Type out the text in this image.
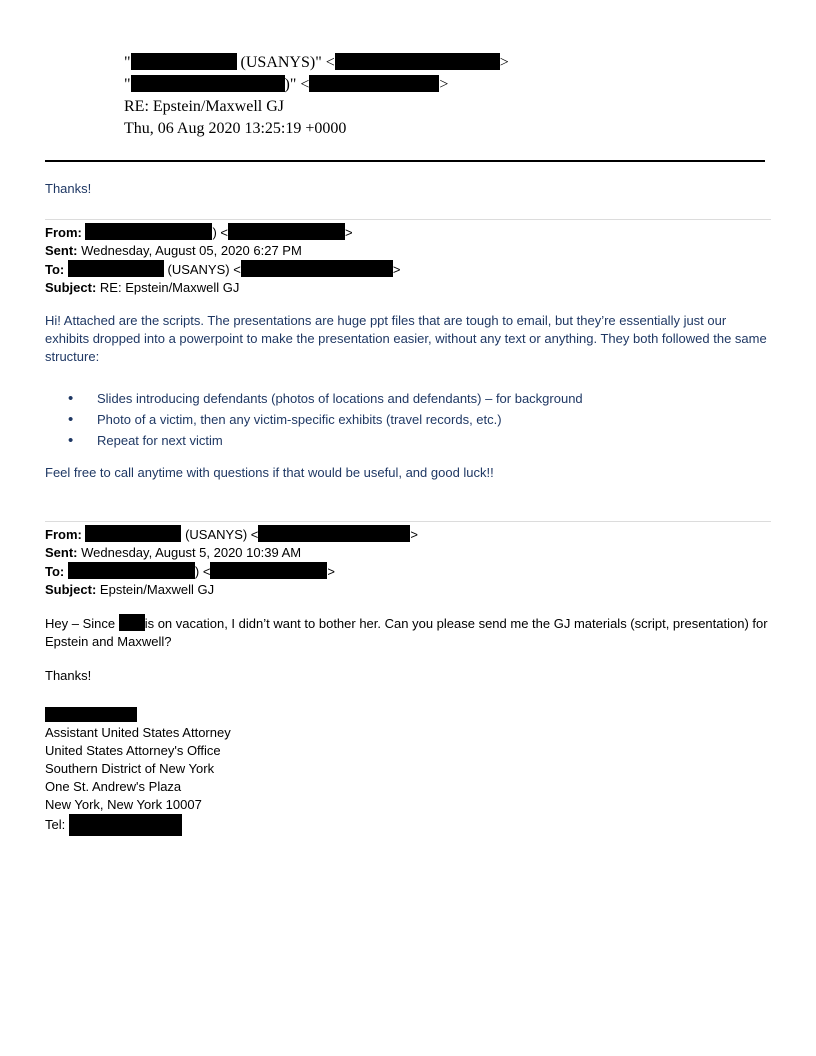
"	(USANYS)" <	>
"	)" <	>
RE: Epstein/Maxwell GJ
Thu, 06 Aug 2020 13:25:19 +0000
Thanks!
From:	) <	>
Sent: Wednesday, August 05, 2020 6:27 PM
To:	(USANYS) <	>
Subject: RE: Epstein/Maxwell GJ
Hi! Attached are the scripts. The presentations are huge ppt files that are tough to email, but they’re essentially just our exhibits dropped into a powerpoint to make the presentation easier, without any text or anything. They both followed the same structure:
• Slides introducing defendants (photos of locations and defendants) – for background
• Photo of a victim, then any victim-specific exhibits (travel records, etc.)
• Repeat for next victim
Feel free to call anytime with questions if that would be useful, and good luck!!
From:	(USANYS) <	>
Sent: Wednesday, August 5, 2020 10:39 AM
To:	) <	>
Subject: Epstein/Maxwell GJ
Hey – Since is on vacation, I didn’t want to bother her. Can you please send me the GJ materials (script, presentation) for Epstein and Maxwell?
Thanks!
Assistant United States Attorney
United States Attorney's Office
Southern District of New York
One St. Andrew's Plaza
New York, New York 10007
Tel:
